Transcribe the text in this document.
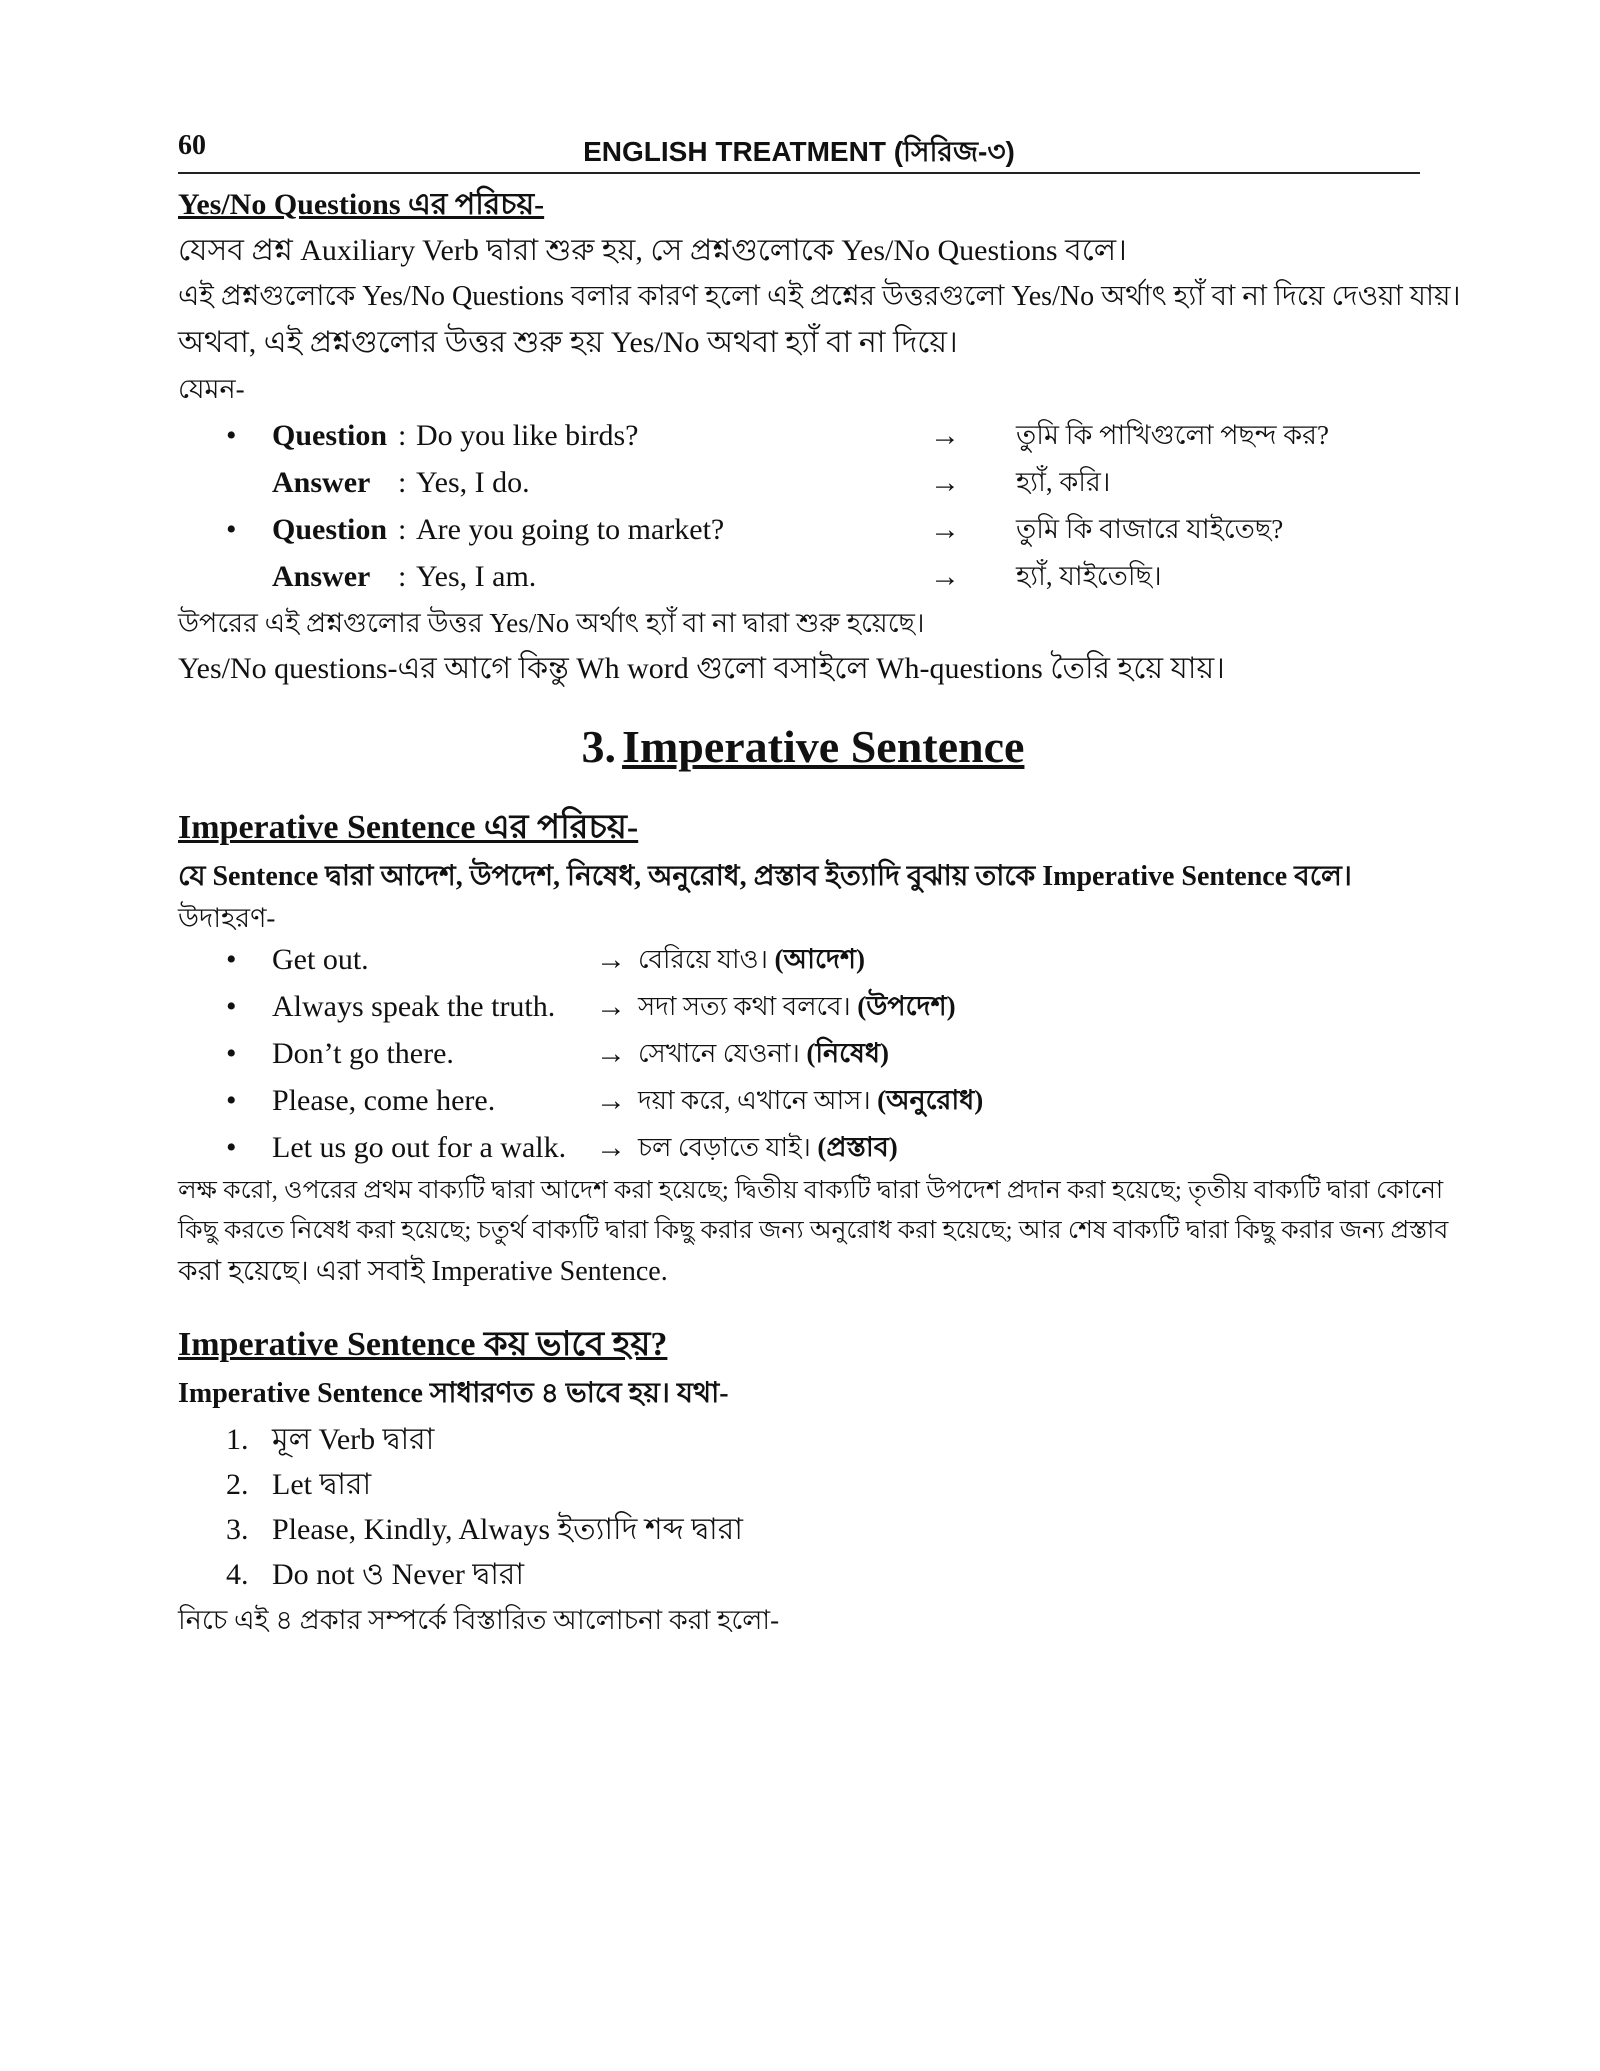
60	ENGLISH TREATMENT (সিরিজ-৩)
Yes/No Questions এর পরিচয়-
যেসব প্রশ্ন Auxiliary Verb দ্বারা শুরু হয়, সে প্রশ্নগুলোকে Yes/No Questions বলে।
এই প্রশ্নগুলোকে Yes/No Questions বলার কারণ হলো এই প্রশ্নের উত্তরগুলো Yes/No অর্থাৎ হ্যাঁ বা না দিয়ে দেওয়া যায়।
অথবা, এই প্রশ্নগুলোর উত্তর শুরু হয় Yes/No অথবা হ্যাঁ বা না দিয়ে।
যেমন-
• Question : Do you like birds?	→ তুমি কি পাখিগুলো পছন্দ কর?
Answer : Yes, I do.	→ হ্যাঁ, করি।
• Question : Are you going to market?	→ তুমি কি বাজারে যাইতেছ?
Answer : Yes, I am.	→ হ্যাঁ, যাইতেছি।
উপরের এই প্রশ্নগুলোর উত্তর Yes/No অর্থাৎ হ্যাঁ বা না দ্বারা শুরু হয়েছে।
Yes/No questions-এর আগে কিন্তু Wh word গুলো বসাইলে Wh-questions তৈরি হয়ে যায়।
3. Imperative Sentence
Imperative Sentence এর পরিচয়-
যে Sentence দ্বারা আদেশ, উপদেশ, নিষেধ, অনুরোধ, প্রস্তাব ইত্যাদি বুঝায় তাকে Imperative Sentence বলে।
উদাহরণ-
• Get out.	→ বেরিয়ে যাও। (আদেশ)
• Always speak the truth. → সদা সত্য কথা বলবে। (উপদেশ)
• Don’t go there.	→ সেখানে যেওনা। (নিষেধ)
• Please, come here.	→ দয়া করে, এখানে আস। (অনুরোধ)
• Let us go out for a walk. → চল বেড়াতে যাই। (প্রস্তাব)
লক্ষ করো, ওপরের প্রথম বাক্যটি দ্বারা আদেশ করা হয়েছে; দ্বিতীয় বাক্যটি দ্বারা উপদেশ প্রদান করা হয়েছে; তৃতীয় বাক্যটি দ্বারা কোনো
কিছু করতে নিষেধ করা হয়েছে; চতুর্থ বাক্যটি দ্বারা কিছু করার জন্য অনুরোধ করা হয়েছে; আর শেষ বাক্যটি দ্বারা কিছু করার জন্য প্রস্তাব
করা হয়েছে। এরা সবাই Imperative Sentence.
Imperative Sentence কয় ভাবে হয়?
Imperative Sentence সাধারণত ৪ ভাবে হয়। যথা-
1. মূল Verb দ্বারা
2. Let দ্বারা
3. Please, Kindly, Always ইত্যাদি শব্দ দ্বারা
4. Do not ও Never দ্বারা
নিচে এই ৪ প্রকার সম্পর্কে বিস্তারিত আলোচনা করা হলো-
